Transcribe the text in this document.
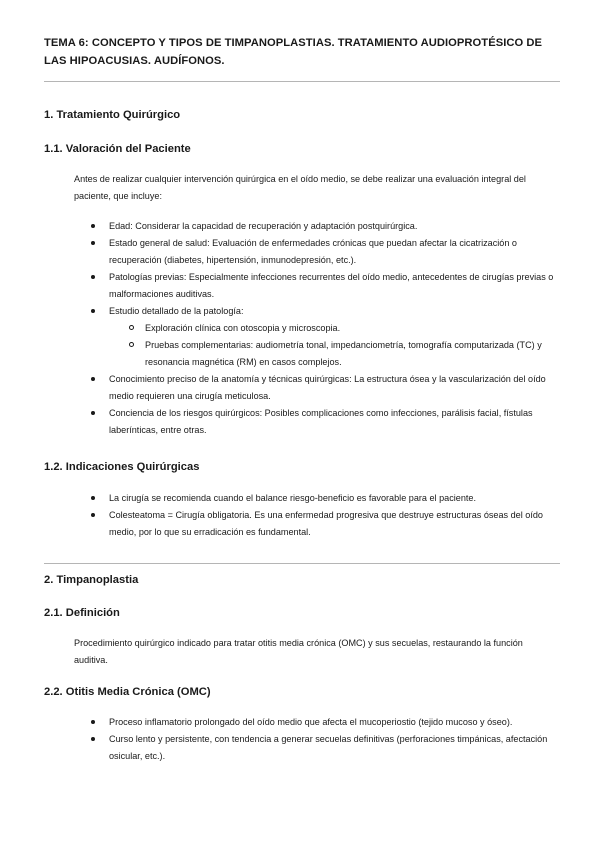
TEMA 6: CONCEPTO Y TIPOS DE TIMPANOPLASTIAS. TRATAMIENTO AUDIOPROTÉSICO DE LAS HIPOACUSIAS. AUDÍFONOS.
1. Tratamiento Quirúrgico
1.1. Valoración del Paciente
Antes de realizar cualquier intervención quirúrgica en el oído medio, se debe realizar una evaluación integral del paciente, que incluye:
Edad: Considerar la capacidad de recuperación y adaptación postquirúrgica.
Estado general de salud: Evaluación de enfermedades crónicas que puedan afectar la cicatrización o recuperación (diabetes, hipertensión, inmunodepresión, etc.).
Patologías previas: Especialmente infecciones recurrentes del oído medio, antecedentes de cirugías previas o malformaciones auditivas.
Estudio detallado de la patología:
Exploración clínica con otoscopia y microscopia.
Pruebas complementarias: audiometría tonal, impedanciometría, tomografía computarizada (TC) y resonancia magnética (RM) en casos complejos.
Conocimiento preciso de la anatomía y técnicas quirúrgicas: La estructura ósea y la vascularización del oído medio requieren una cirugía meticulosa.
Conciencia de los riesgos quirúrgicos: Posibles complicaciones como infecciones, parálisis facial, fístulas laberínticas, entre otras.
1.2. Indicaciones Quirúrgicas
La cirugía se recomienda cuando el balance riesgo-beneficio es favorable para el paciente.
Colesteatoma = Cirugía obligatoria. Es una enfermedad progresiva que destruye estructuras óseas del oído medio, por lo que su erradicación es fundamental.
2. Timpanoplastia
2.1. Definición
Procedimiento quirúrgico indicado para tratar otitis media crónica (OMC) y sus secuelas, restaurando la función auditiva.
2.2. Otitis Media Crónica (OMC)
Proceso inflamatorio prolongado del oído medio que afecta el mucoperiostio (tejido mucoso y óseo).
Curso lento y persistente, con tendencia a generar secuelas definitivas (perforaciones timpánicas, afectación osicular, etc.).
